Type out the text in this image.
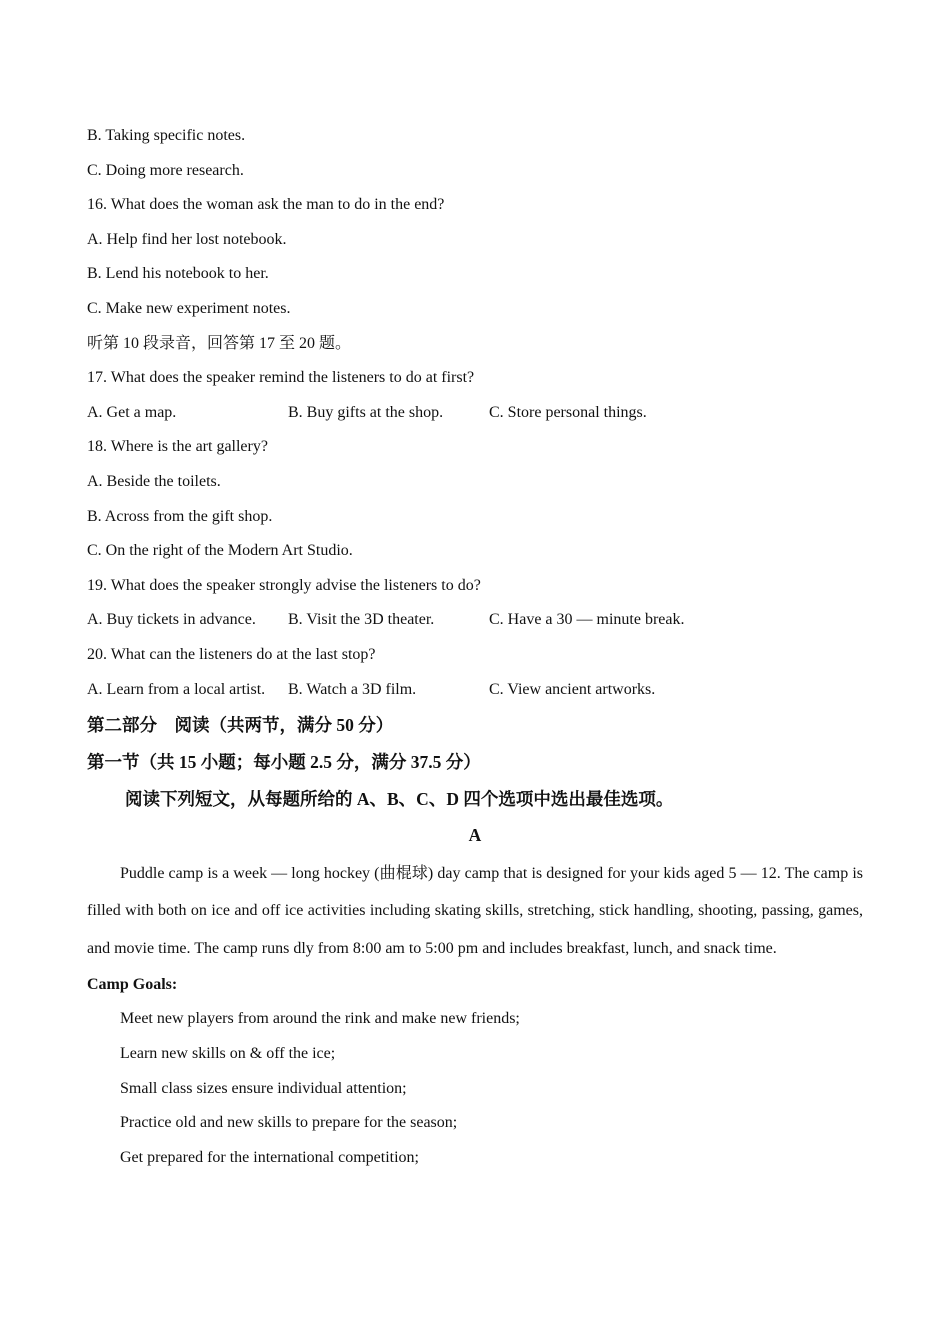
B. Taking specific notes.
C. Doing more research.
16. What does the woman ask the man to do in the end?
A. Help find her lost notebook.
B. Lend his notebook to her.
C. Make new experiment notes.
听第 10 段录音，回答第 17 至 20 题。
17. What does the speaker remind the listeners to do at first?
A. Get a map.	B. Buy gifts at the shop.	C. Store personal things.
18. Where is the art gallery?
A. Beside the toilets.
B. Across from the gift shop.
C. On the right of the Modern Art Studio.
19. What does the speaker strongly advise the listeners to do?
A. Buy tickets in advance. B. Visit the 3D theater.	C. Have a 30 — minute break.
20. What can the listeners do at the last stop?
A. Learn from a local artist. B. Watch a 3D film.	C. View ancient artworks.
第二部分    阅读（共两节，满分 50 分）
第一节（共 15 小题；每小题 2.5 分，满分 37.5 分）
阅读下列短文，从每题所给的 A、B、C、D 四个选项中选出最佳选项。
A

Puddle camp is a week — long hockey (曲棍球) day camp that is designed for your kids aged 5 — 12. The camp is filled with both on ice and off ice activities including skating skills, stretching, stick handling, shooting, passing, games, and movie time. The camp runs dly from 8:00 am to 5:00 pm and includes breakfast, lunch, and snack time.

Camp Goals:
Meet new players from around the rink and make new friends;
Learn new skills on & off the ice;
Small class sizes ensure individual attention;
Practice old and new skills to prepare for the season;
Get prepared for the international competition;
